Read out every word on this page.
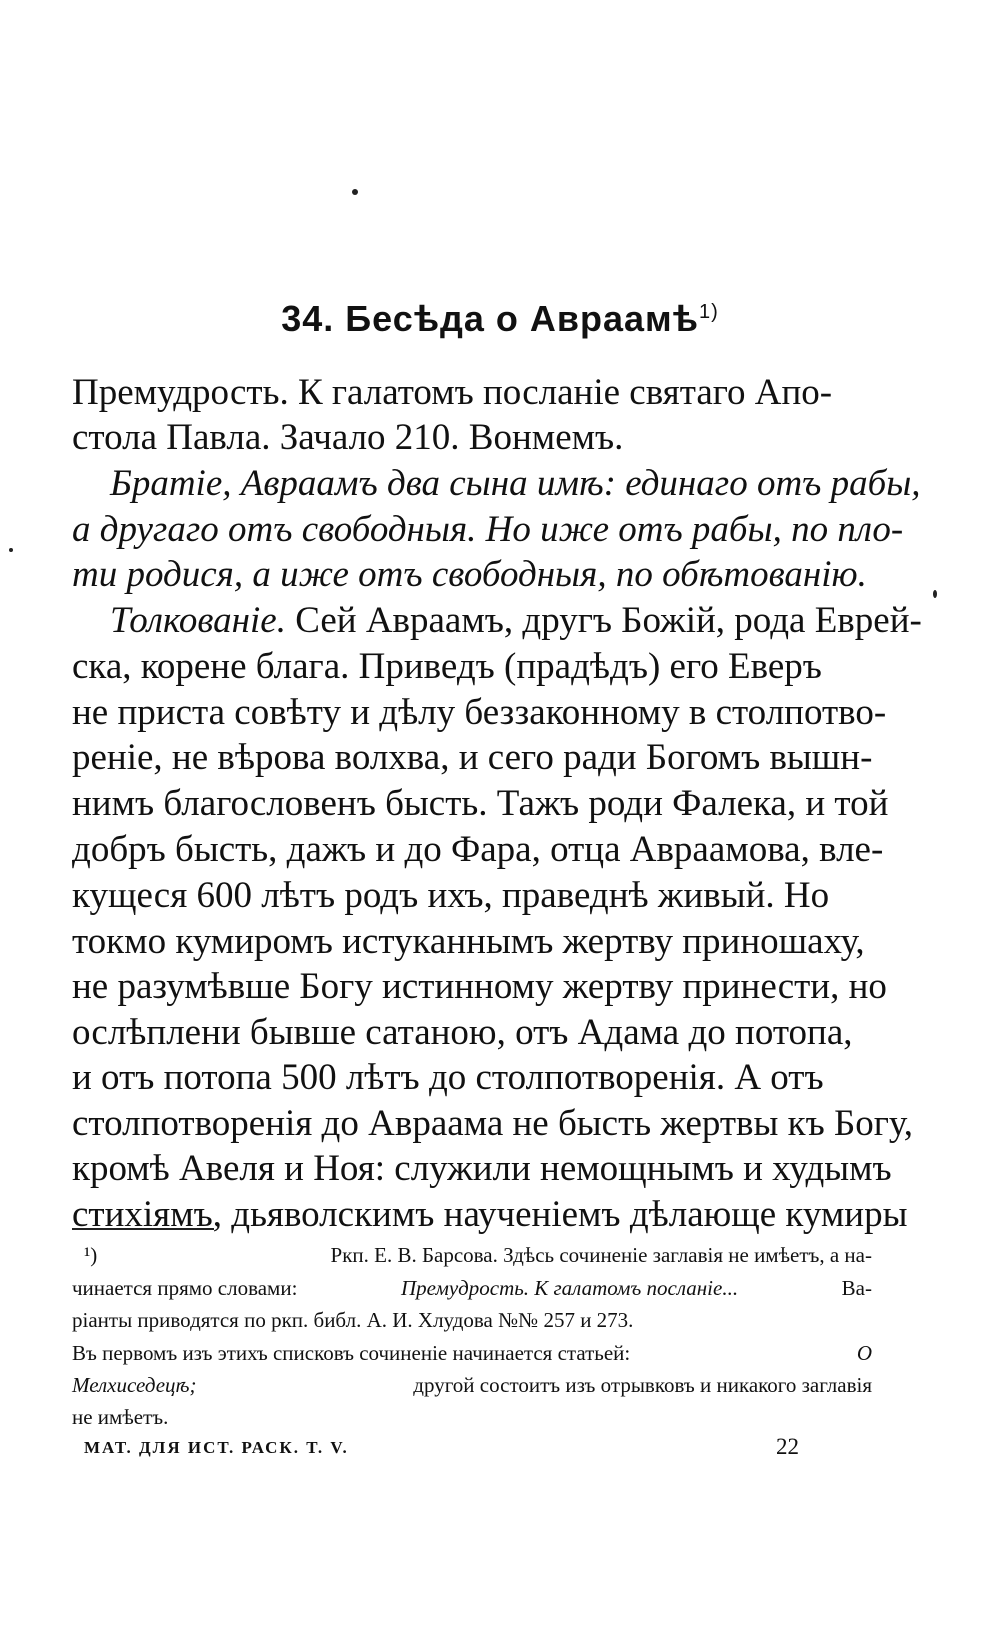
34. Бесѣда о Авраамѣ$^{1)}$
Премудрость. К галатомъ посланіе святаго Апо-
стола Павла. Зачало 210. Вонмемъ.
Братіе, Авраамъ два сына имѣ: единаго отъ рабы,
а другаго отъ свободныя. Но иже отъ рабы, по пло-
ти родися, а иже отъ свободныя, по обѣтованію.
Толкованіе.
Сей Авраамъ, другъ Божій, рода Еврей-
ска, корене блага. Приведъ (прадѣдъ) его Еверъ
не приста совѣту и дѣлу беззаконному в столпотво-
реніе, не вѣрова волхва, и сего ради Богомъ вышн-
нимъ благословенъ бысть. Тажъ роди Фалека, и той
добръ бысть, дажъ и до Фара, отца Авраамова, вле-
кущеся 600 лѣтъ родъ ихъ, праведнѣ живый. Но
токмо кумиромъ истуканнымъ жертву приношаху,
не разумѣвше Богу истинному жертву принести, но
ослѣплени бывше сатаною, отъ Адама до потопа,
и отъ потопа 500 лѣтъ до столпотворенія. А отъ
столпотворенія до Авраама не бысть жертвы къ Богу,
кромѣ Авеля и Ноя: служили немощнымъ и худымъ
стихіямъ, дьяволскимъ наученіемъ дѣлающе кумиры
¹)
	Ркп. Е. В. Барсова. Здѣсь сочиненіе заглавія не имѣетъ, а на-
чинается прямо словами:
	Премудрость. К галатомъ посланіе...
	Ва-
ріанты приводятся по ркп. библ. А. И. Хлудова №№ 257 и 273.
Въ первомъ изъ этихъ списковъ сочиненіе начинается статьей:
	О
Мелхиседецѣ;
	другой состоитъ изъ отрывковъ и никакого заглавія
не имѣетъ.
МАТ. ДЛЯ ИСТ. РАСК. Т. V.	22
